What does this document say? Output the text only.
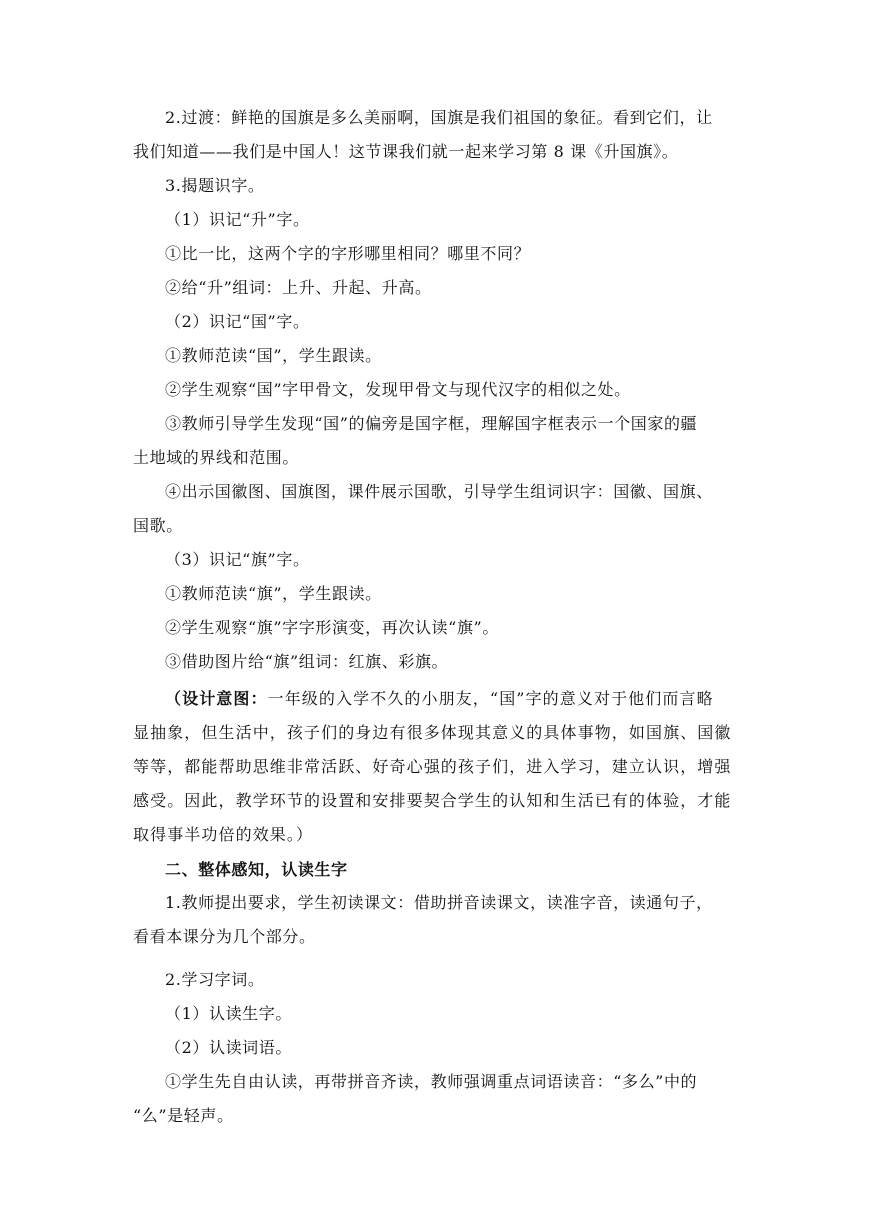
2.过渡：鲜艳的国旗是多么美丽啊，国旗是我们祖国的象征。看到它们，让
我们知道——我们是中国人！这节课我们就一起来学习第 8 课《升国旗》。
3.揭题识字。
（1）识记“升”字。
①比一比，这两个字的字形哪里相同？哪里不同？
②给“升”组词：上升、升起、升高。
（2）识记“国”字。
①教师范读“国”，学生跟读。
②学生观察“国”字甲骨文，发现甲骨文与现代汉字的相似之处。
③教师引导学生发现“国”的偏旁是国字框，理解国字框表示一个国家的疆
土地域的界线和范围。
④出示国徽图、国旗图，课件展示国歌，引导学生组词识字：国徽、国旗、
国歌。
（3）识记“旗”字。
①教师范读“旗”，学生跟读。
②学生观察“旗”字字形演变，再次认读“旗”。
③借助图片给“旗”组词：红旗、彩旗。
（设计意图：一年级的入学不久的小朋友，“国”字的意义对于他们而言略
显抽象，但生活中，孩子们的身边有很多体现其意义的具体事物，如国旗、国徽
等等，都能帮助思维非常活跃、好奇心强的孩子们，进入学习，建立认识，增强
感受。因此，教学环节的设置和安排要契合学生的认知和生活已有的体验，才能
取得事半功倍的效果。）
二、整体感知，认读生字
1.教师提出要求，学生初读课文：借助拼音读课文，读准字音，读通句子，
看看本课分为几个部分。
2.学习字词。
（1）认读生字。
（2）认读词语。
①学生先自由认读，再带拼音齐读，教师强调重点词语读音：“多么”中的
“么”是轻声。
